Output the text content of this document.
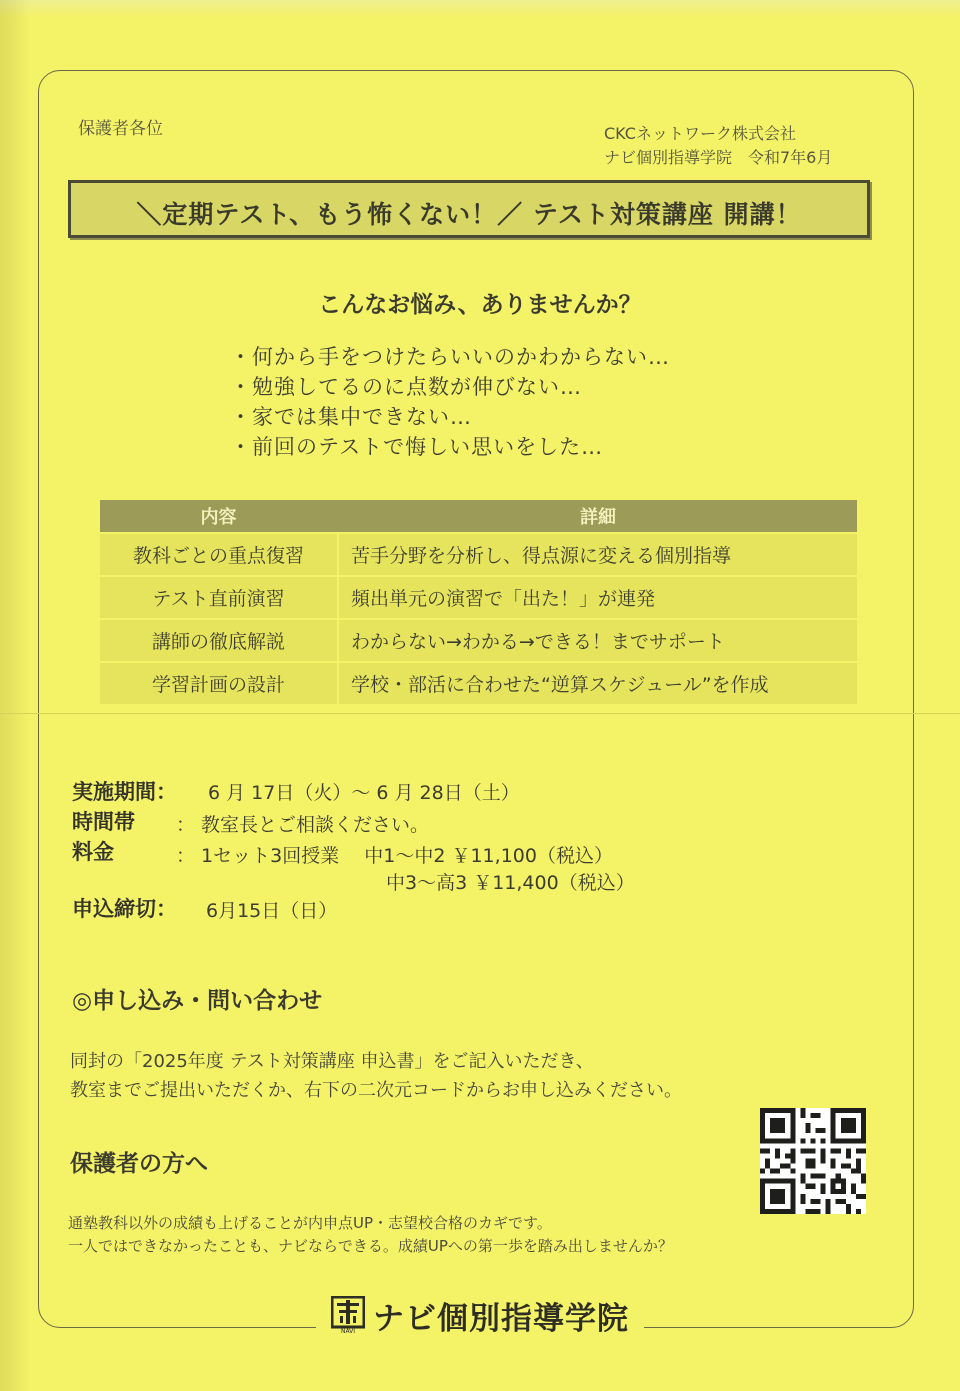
保護者各位	CKCネットワーク株式会社
ナビ個別指導学院　令和7年6月
＼定期テスト、もう怖くない！／ テスト対策講座 開講！
こんなお悩み、ありませんか？
・何から手をつけたらいいのかわからない…
・勉強してるのに点数が伸びない…
・家では集中できない…
・前回のテストで悔しい思いをした…
内容	詳細
教科ごとの重点復習	苦手分野を分析し、得点源に変える個別指導
テスト直前演習	頻出単元の演習で「出た！」が連発
講師の徹底解説	わからない→わかる→できる！までサポート
学習計画の設計	学校・部活に合わせた“逆算スケジュール”を作成
実施期間： 6 月 17日（火）～ 6 月 28日（土）
時間帯 ： 教室長とご相談ください。
料金	： 1セット3回授業　 中1～中2 ￥11,100（税込）
中3～高3 ￥11,400（税込）
申込締切： 6月15日（日）
◎申し込み・問い合わせ
同封の「2025年度 テスト対策講座 申込書」をご記入いただき、
教室までご提出いただくか、右下の二次元コードからお申し込みください。
保護者の方へ
通塾教科以外の成績も上げることが内申点UP・志望校合格のカギです。
一人ではできなかったことも、ナビならできる。成績UPへの第一歩を踏み出しませんか？
NAVI ナビ個別指導学院
